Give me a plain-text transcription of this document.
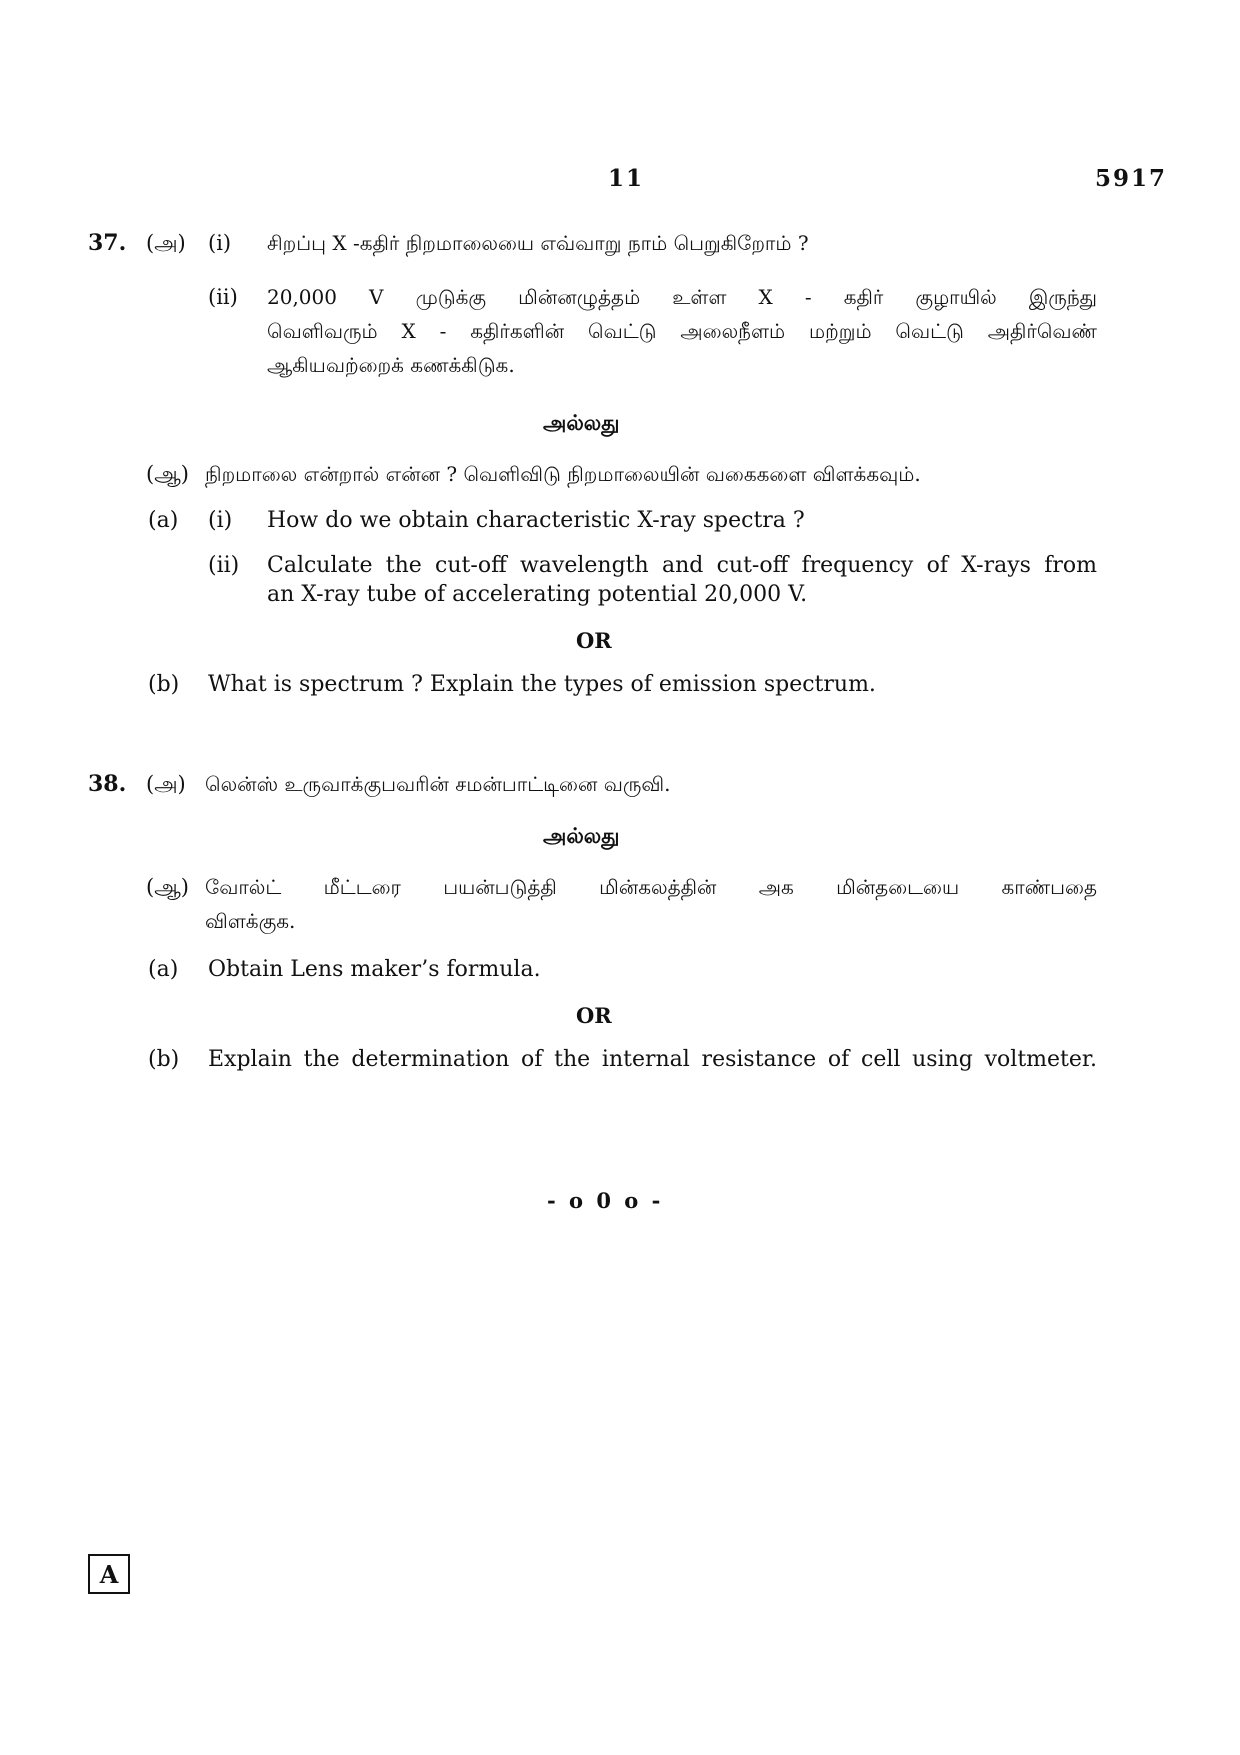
11	5917
37. (அ) (i) சிறப்பு X -கதிர் நிறமாலையை எவ்வாறு நாம் பெறுகிறோம் ?
(ii) 20,000 V முடுக்கு மின்னழுத்தம் உள்ள X - கதிர் குழாயில் இருந்து
வெளிவரும் X - கதிர்களின் வெட்டு அலைநீளம் மற்றும் வெட்டு அதிர்வெண்
ஆகியவற்றைக் கணக்கிடுக.
அல்லது
(ஆ) நிறமாலை என்றால் என்ன ? வெளிவிடு நிறமாலையின் வகைகளை விளக்கவும்.
(a) (i) How do we obtain characteristic X-ray spectra ?
(ii) Calculate the cut-off wavelength and cut-off frequency of X-rays from
an X-ray tube of accelerating potential 20,000 V.
OR
(b) What is spectrum ? Explain the types of emission spectrum.
38. (அ) லென்ஸ் உருவாக்குபவரின் சமன்பாட்டினை வருவி.
அல்லது
(ஆ) வோல்ட் மீட்டரை பயன்படுத்தி மின்கலத்தின் அக மின்தடையை காண்பதை
விளக்குக.
(a) Obtain Lens maker’s formula.
OR
(b) Explain the determination of the internal resistance of cell using voltmeter.
- o 0 o -
A
